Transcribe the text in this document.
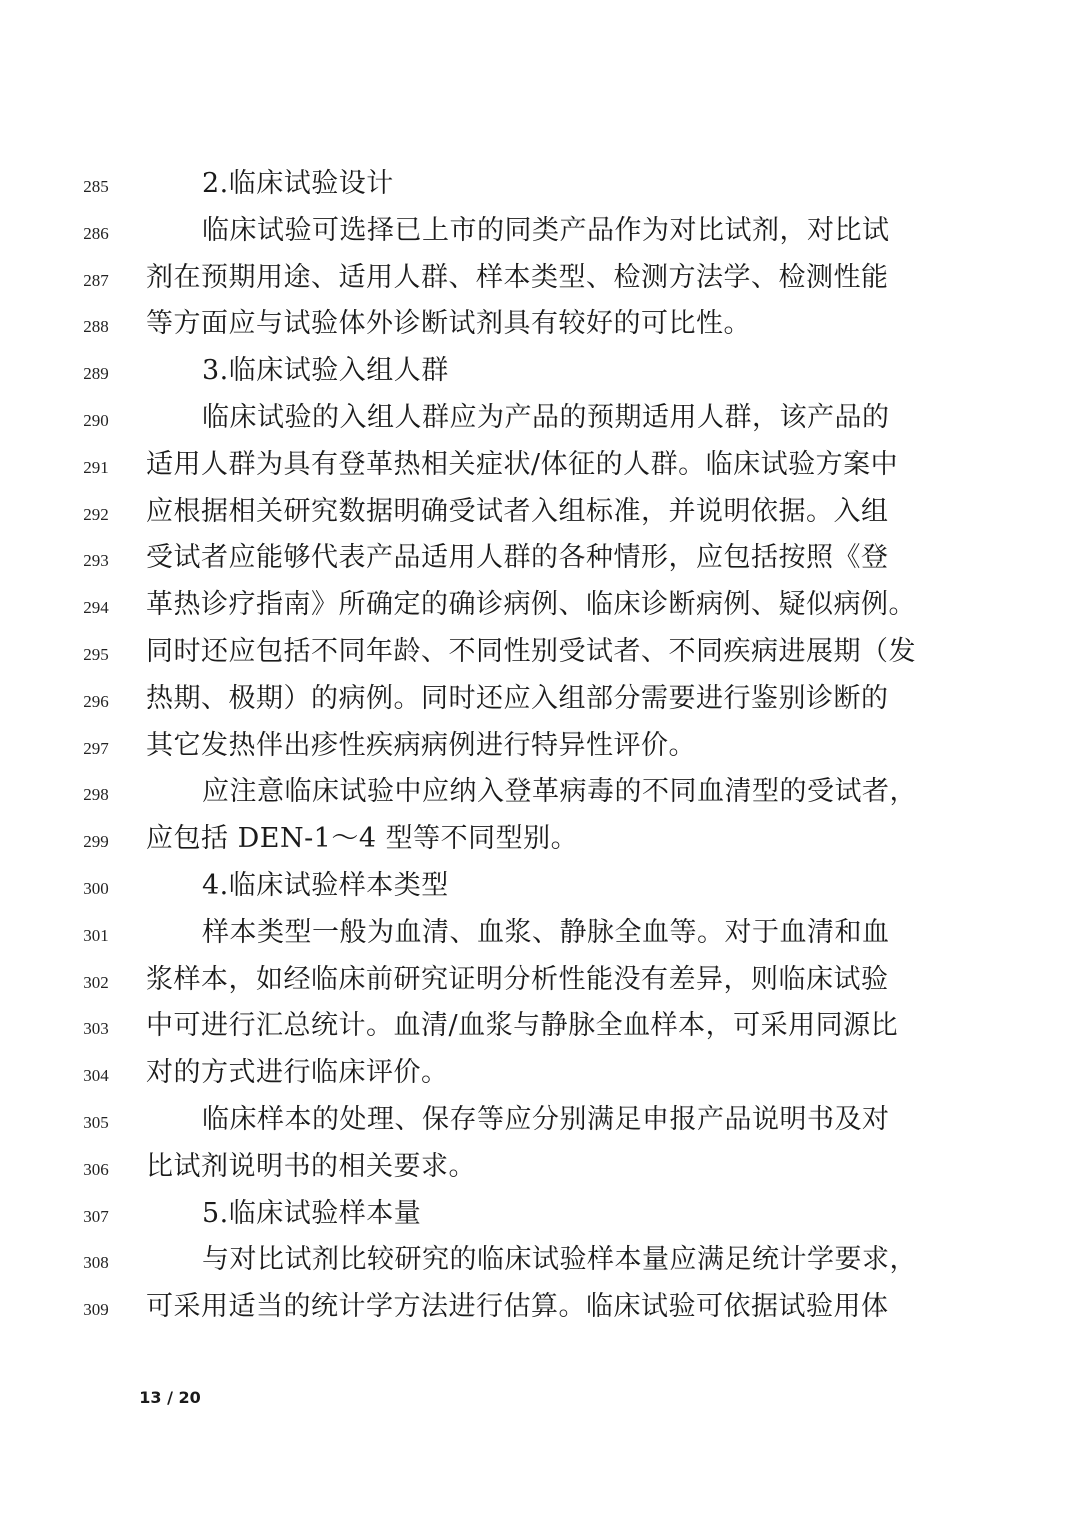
285	2.临床试验设计
286	临床试验可选择已上市的同类产品作为对比试剂，对比试
287	剂在预期用途、适用人群、样本类型、检测方法学、检测性能
288	等方面应与试验体外诊断试剂具有较好的可比性。
289	3.临床试验入组人群
290	临床试验的入组人群应为产品的预期适用人群，该产品的
291	适用人群为具有登革热相关症状/体征的人群。临床试验方案中
292	应根据相关研究数据明确受试者入组标准，并说明依据。入组
293	受试者应能够代表产品适用人群的各种情形，应包括按照《登
294	革热诊疗指南》所确定的确诊病例、临床诊断病例、疑似病例。
295	同时还应包括不同年龄、不同性别受试者、不同疾病进展期（发
296	热期、极期）的病例。同时还应入组部分需要进行鉴别诊断的
297	其它发热伴出疹性疾病病例进行特异性评价。
298	应注意临床试验中应纳入登革病毒的不同血清型的受试者，
299	应包括 DEN-1～4 型等不同型别。
300	4.临床试验样本类型
301	样本类型一般为血清、血浆、静脉全血等。对于血清和血
302	浆样本，如经临床前研究证明分析性能没有差异，则临床试验
303	中可进行汇总统计。血清/血浆与静脉全血样本，可采用同源比
304	对的方式进行临床评价。
305	临床样本的处理、保存等应分别满足申报产品说明书及对
306	比试剂说明书的相关要求。
307	5.临床试验样本量
308	与对比试剂比较研究的临床试验样本量应满足统计学要求，
309	可采用适当的统计学方法进行估算。临床试验可依据试验用体
13 / 20
